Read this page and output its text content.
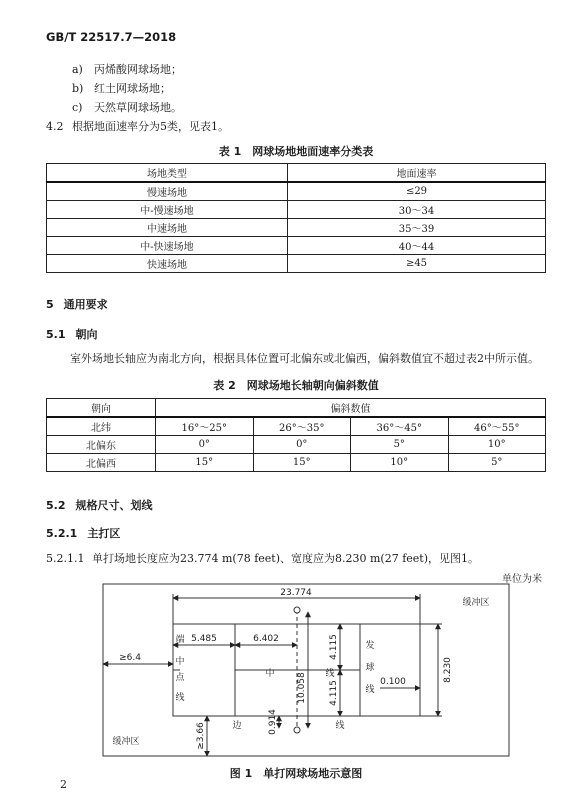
GB/T 22517.7—2018
a) 丙烯酸网球场地；
b) 红土网球场地；
c) 天然草网球场地。
4.2 根据地面速率分为5类，见表1。
表 1　网球场地地面速率分类表
场地类型	地面速率
慢速场地	≤29
中-慢速场地	30～34
中速场地	35～39
中-快速场地	40～44
快速场地	≥45
5 通用要求
5.1 朝向
室外场地长轴应为南北方向，根据具体位置可北偏东或北偏西，偏斜数值宜不超过表2中所示值。
表 2　网球场地长轴朝向偏斜数值
朝向	偏斜数值			
北纬	16°～25°	26°～35°	36°～45°	46°～55°
北偏东	0°	0°	5°	10°
北偏西	15°	15°	10°	5°
5.2 规格尺寸、划线
5.2.1 主打区
5.2.1.1 单打场地长度应为23.774 m(78 feet)、宽度应为8.230 m(27 feet)，见图1。
单位为米
23.774
≥6.4
5.485	6.402
0.100
缓冲区
缓冲区
4.115
4.115
8.230
10.058
0.914
≥3.66
端
线
中
点	中	线
发
球
线
边	线
图 1　单打网球场地示意图
2
